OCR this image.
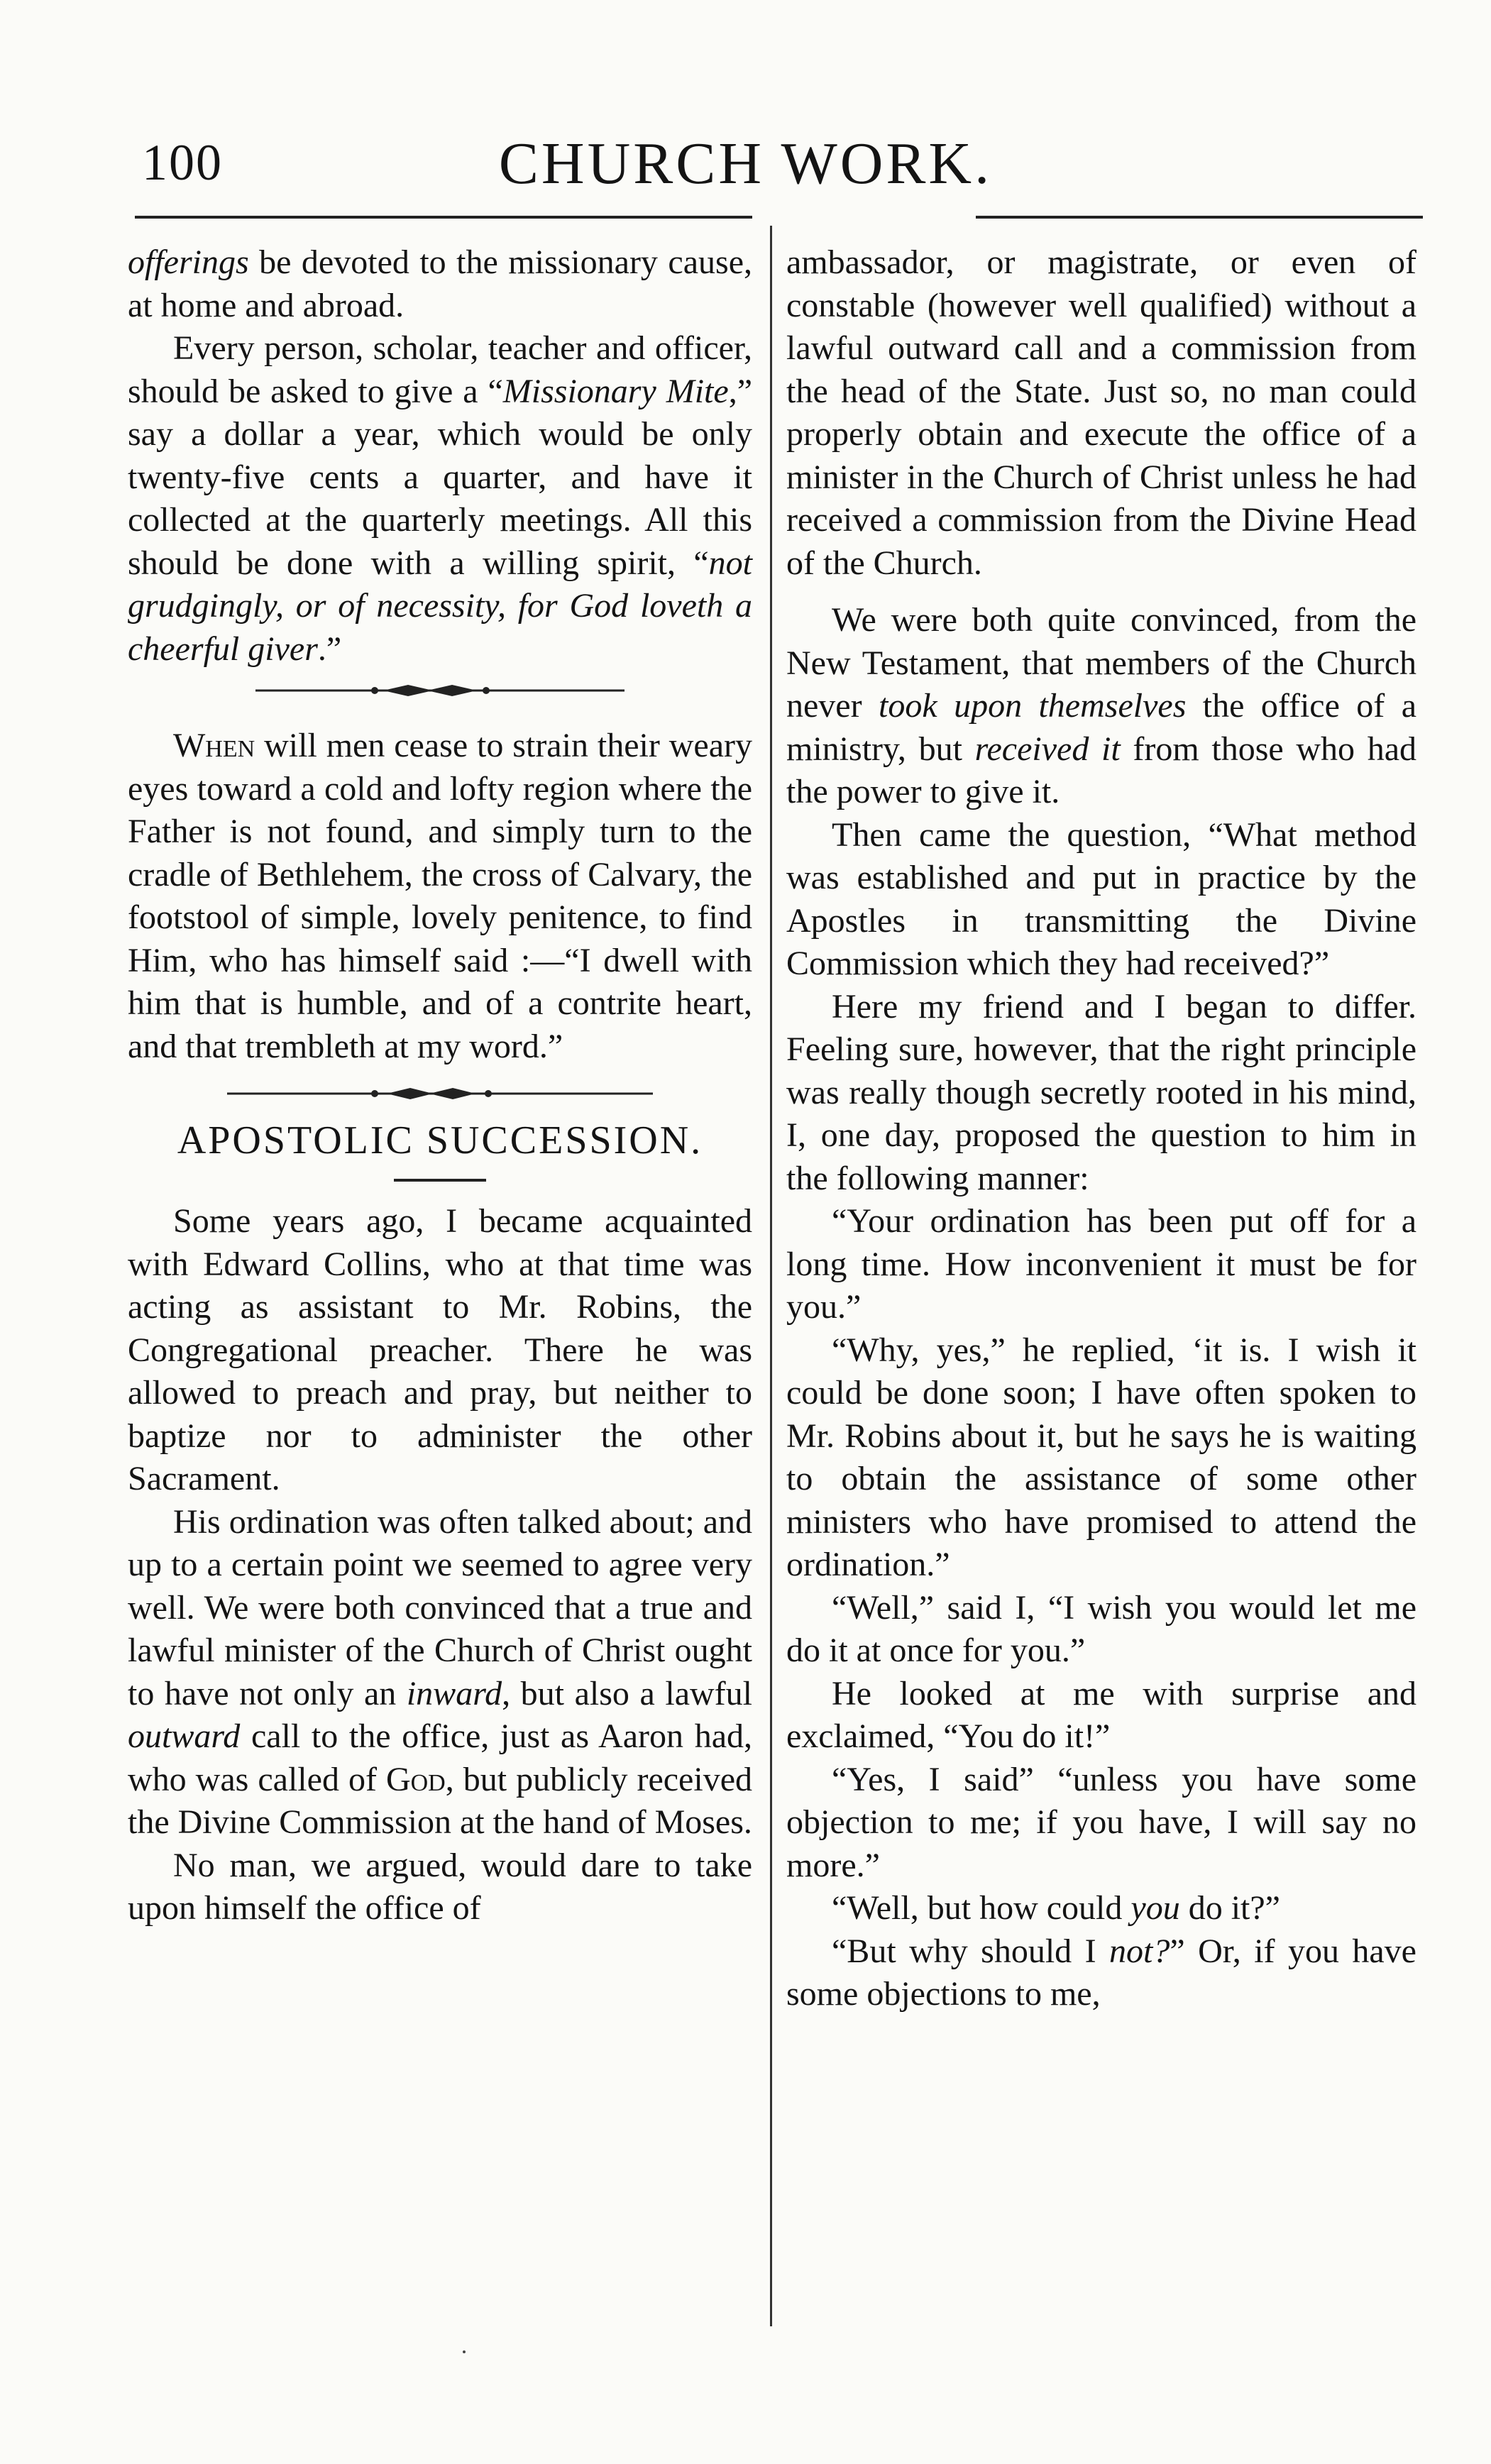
100	CHURCH WORK.

offerings be devoted to the missionary cause, at home and abroad.

Every person, scholar, teacher and officer, should be asked to give a “Missionary Mite,” say a dollar a year, which would be only twenty-five cents a quarter, and have it collected at the quarterly meetings. All this should be done with a willing spirit, “not grudgingly, or of necessity, for God loveth a cheerful giver.”

When will men cease to strain their weary eyes toward a cold and lofty region where the Father is not found, and simply turn to the cradle of Bethlehem, the cross of Calvary, the footstool of simple, lovely penitence, to find Him, who has himself said :—“I dwell with him that is humble, and of a contrite heart, and that trembleth at my word.”

APOSTOLIC SUCCESSION.

Some years ago, I became acquainted with Edward Collins, who at that time was acting as assistant to Mr. Robins, the Congregational preacher. There he was allowed to preach and pray, but neither to baptize nor to administer the other Sacrament.

His ordination was often talked about; and up to a certain point we seemed to agree very well. We were both convinced that a true and lawful minister of the Church of Christ ought to have not only an inward, but also a lawful outward call to the office, just as Aaron had, who was called of God, but publicly received the Divine Commission at the hand of Moses.

No man, we argued, would dare to take upon himself the office of

ambassador, or magistrate, or even of constable (however well qualified) without a lawful outward call and a commission from the head of the State. Just so, no man could properly obtain and execute the office of a minister in the Church of Christ unless he had received a commission from the Divine Head of the Church.

We were both quite convinced, from the New Testament, that members of the Church never took upon themselves the office of a ministry, but received it from those who had the power to give it.

Then came the question, “What method was established and put in practice by the Apostles in transmitting the Divine Commission which they had received?”

Here my friend and I began to differ. Feeling sure, however, that the right principle was really though secretly rooted in his mind, I, one day, proposed the question to him in the following manner:

“Your ordination has been put off for a long time. How inconvenient it must be for you.”

“Why, yes,” he replied, ‘it is. I wish it could be done soon; I have often spoken to Mr. Robins about it, but he says he is waiting to obtain the assistance of some other ministers who have promised to attend the ordination.”

“Well,” said I, “I wish you would let me do it at once for you.”

He looked at me with surprise and exclaimed, “You do it!”

“Yes, I said” “unless you have some objection to me; if you have, I will say no more.”

“Well, but how could you do it?”

“But why should I not?” Or, if you have some objections to me,
